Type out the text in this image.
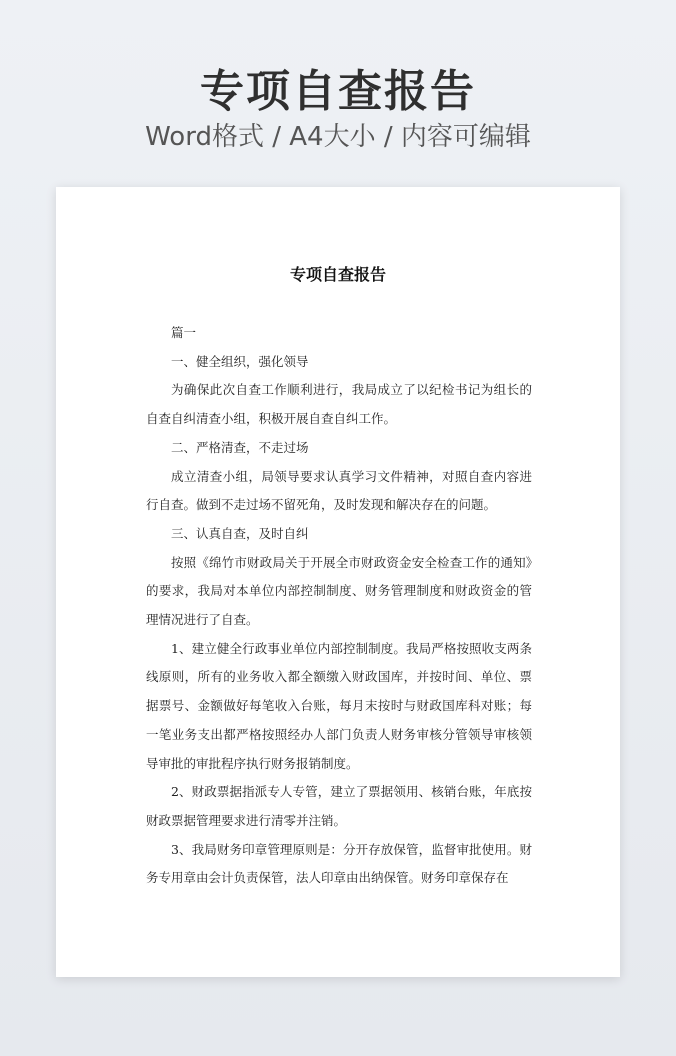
专项自查报告
Word格式 / A4大小 / 内容可编辑
专项自查报告

篇一

一、健全组织，强化领导

为确保此次自查工作顺利进行，我局成立了以纪检书记为组长的自查自纠清查小组，积极开展自查自纠工作。

二、严格清查，不走过场

成立清查小组，局领导要求认真学习文件精神，对照自查内容进行自查。做到不走过场不留死角，及时发现和解决存在的问题。

三、认真自查，及时自纠

按照《绵竹市财政局关于开展全市财政资金安全检查工作的通知》的要求，我局对本单位内部控制制度、财务管理制度和财政资金的管理情况进行了自查。

1、建立健全行政事业单位内部控制制度。我局严格按照收支两条线原则，所有的业务收入都全额缴入财政国库，并按时间、单位、票据票号、金额做好每笔收入台账，每月末按时与财政国库科对账；每一笔业务支出都严格按照经办人部门负责人财务审核分管领导审核领导审批的审批程序执行财务报销制度。

2、财政票据指派专人专管，建立了票据领用、核销台账，年底按财政票据管理要求进行清零并注销。

3、我局财务印章管理原则是：分开存放保管，监督审批使用。财务专用章由会计负责保管，法人印章由出纳保管。财务印章保存在
